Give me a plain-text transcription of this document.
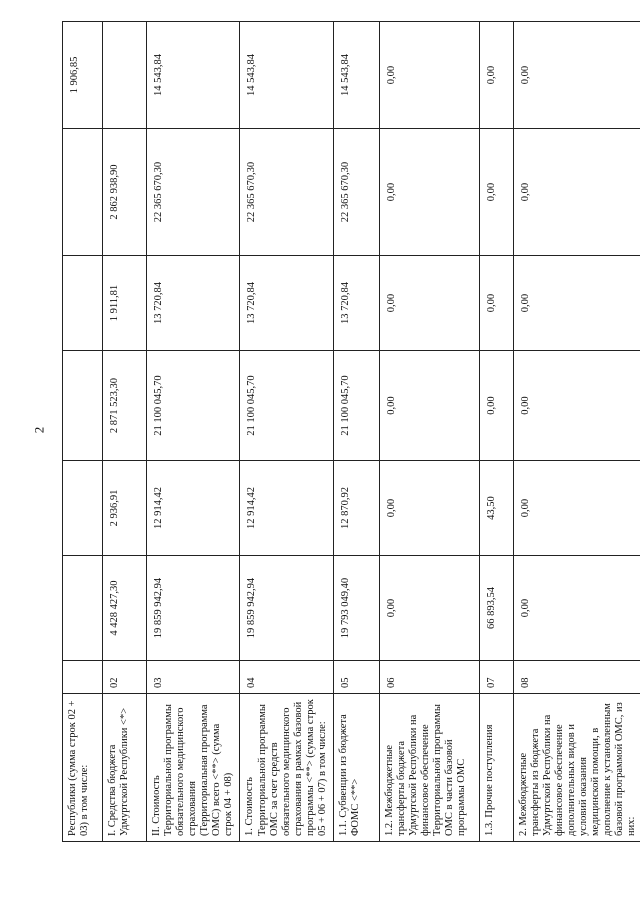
2
Республики (сумма строк 02 + 03) в том числе:							1 906,85
I. Средства бюджета Удмуртской Республики <*>	02	4 428 427,30	2 936,91	2 871 523,30	1 911,81	2 862 938,90	
II. Стоимость Территориальной программы обязательного медицинского страхования (Территориальная программа ОМС) всего <**> (сумма строк 04 + 08)	03	19 859 942,94	12 914,42	21 100 045,70	13 720,84	22 365 670,30	14 543,84
1. Стоимость Территориальной программы ОМС за счет средств обязательного медицинского страхования в рамках базовой программы <**> (сумма строк 05 + 06 + 07) в том числе:	04	19 859 942,94	12 914,42	21 100 045,70	13 720,84	22 365 670,30	14 543,84
1.1. Субвенции из бюджета ФОМС <**>	05	19 793 049,40	12 870,92	21 100 045,70	13 720,84	22 365 670,30	14 543,84
1.2. Межбюджетные трансферты бюджета Удмуртской Республики на финансовое обеспечение Территориальной программы ОМС в части базовой программы ОМС	06	0,00	0,00	0,00	0,00	0,00	0,00
1.3. Прочие поступления	07	66 893,54	43,50	0,00	0,00	0,00	0,00
2. Межбюджетные трансферты из бюджета Удмуртской Республики на финансовое обеспечение дополнительных видов и условий оказания медицинской помощи, в дополнение к установленным базовой программой ОМС, из них:	08	0,00	0,00	0,00	0,00	0,00	0,00
